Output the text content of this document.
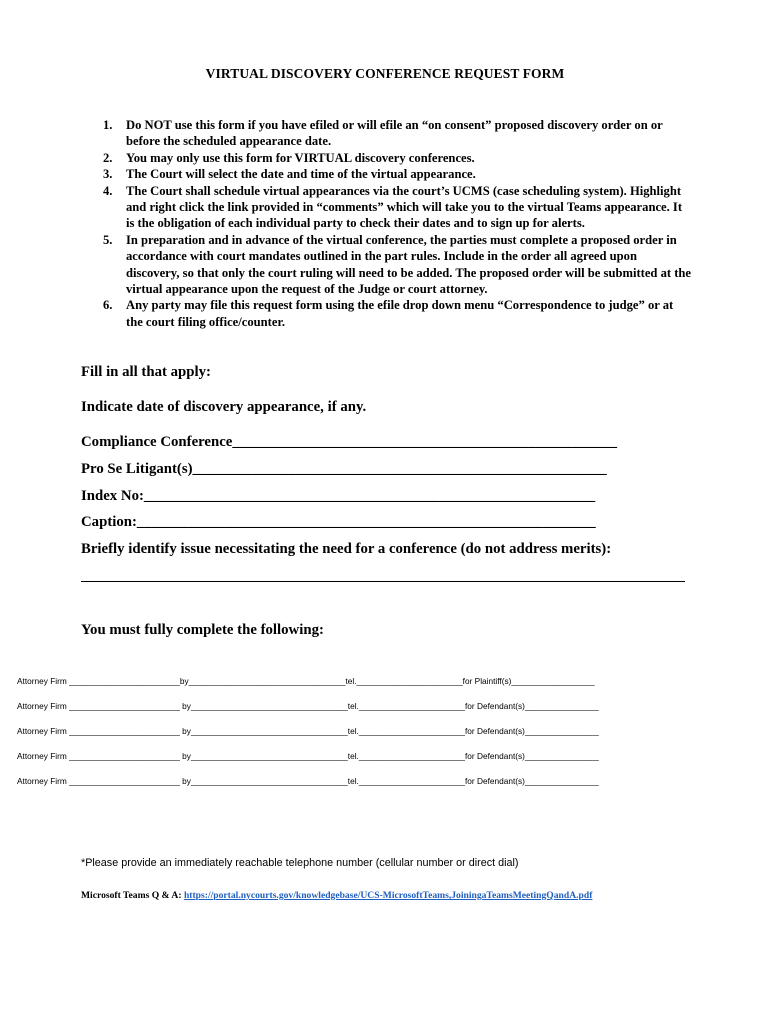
VIRTUAL DISCOVERY CONFERENCE REQUEST FORM
1. Do NOT use this form if you have efiled or will efile an “on consent” proposed discovery order on or before the scheduled appearance date.
2. You may only use this form for VIRTUAL discovery conferences.
3. The Court will select the date and time of the virtual appearance.
4. The Court shall schedule virtual appearances via the court’s UCMS (case scheduling system). Highlight and right click the link provided in “comments” which will take you to the virtual Teams appearance. It is the obligation of each individual party to check their dates and to sign up for alerts.
5. In preparation and in advance of the virtual conference, the parties must complete a proposed order in accordance with court mandates outlined in the part rules. Include in the order all agreed upon discovery, so that only the court ruling will need to be added. The proposed order will be submitted at the virtual appearance upon the request of the Judge or court attorney.
6. Any party may file this request form using the efile drop down menu “Correspondence to judge” or at the court filing office/counter.
Fill in all that apply:
Indicate date of discovery appearance, if any.
Compliance Conference____________________________________________________
Pro Se Litigant(s)________________________________________________________
Index No:_____________________________________________________________
Caption:______________________________________________________________
Briefly identify issue necessitating the need for a conference (do not address merits):
You must fully complete the following:
Attorney Firm ________________________by__________________________________tel._______________________for Plaintiff(s)__________________
Attorney Firm ________________________ by__________________________________tel._______________________for Defendant(s)________________
Attorney Firm ________________________ by__________________________________tel._______________________for Defendant(s)________________
Attorney Firm ________________________ by__________________________________tel._______________________for Defendant(s)________________
Attorney Firm ________________________ by__________________________________tel._______________________for Defendant(s)________________
*Please provide an immediately reachable telephone number (cellular number or direct dial)
Microsoft Teams Q & A: https://portal.nycourts.gov/knowledgebase/UCS-MicrosoftTeams,JoiningaTeamsMeetingQandA.pdf
